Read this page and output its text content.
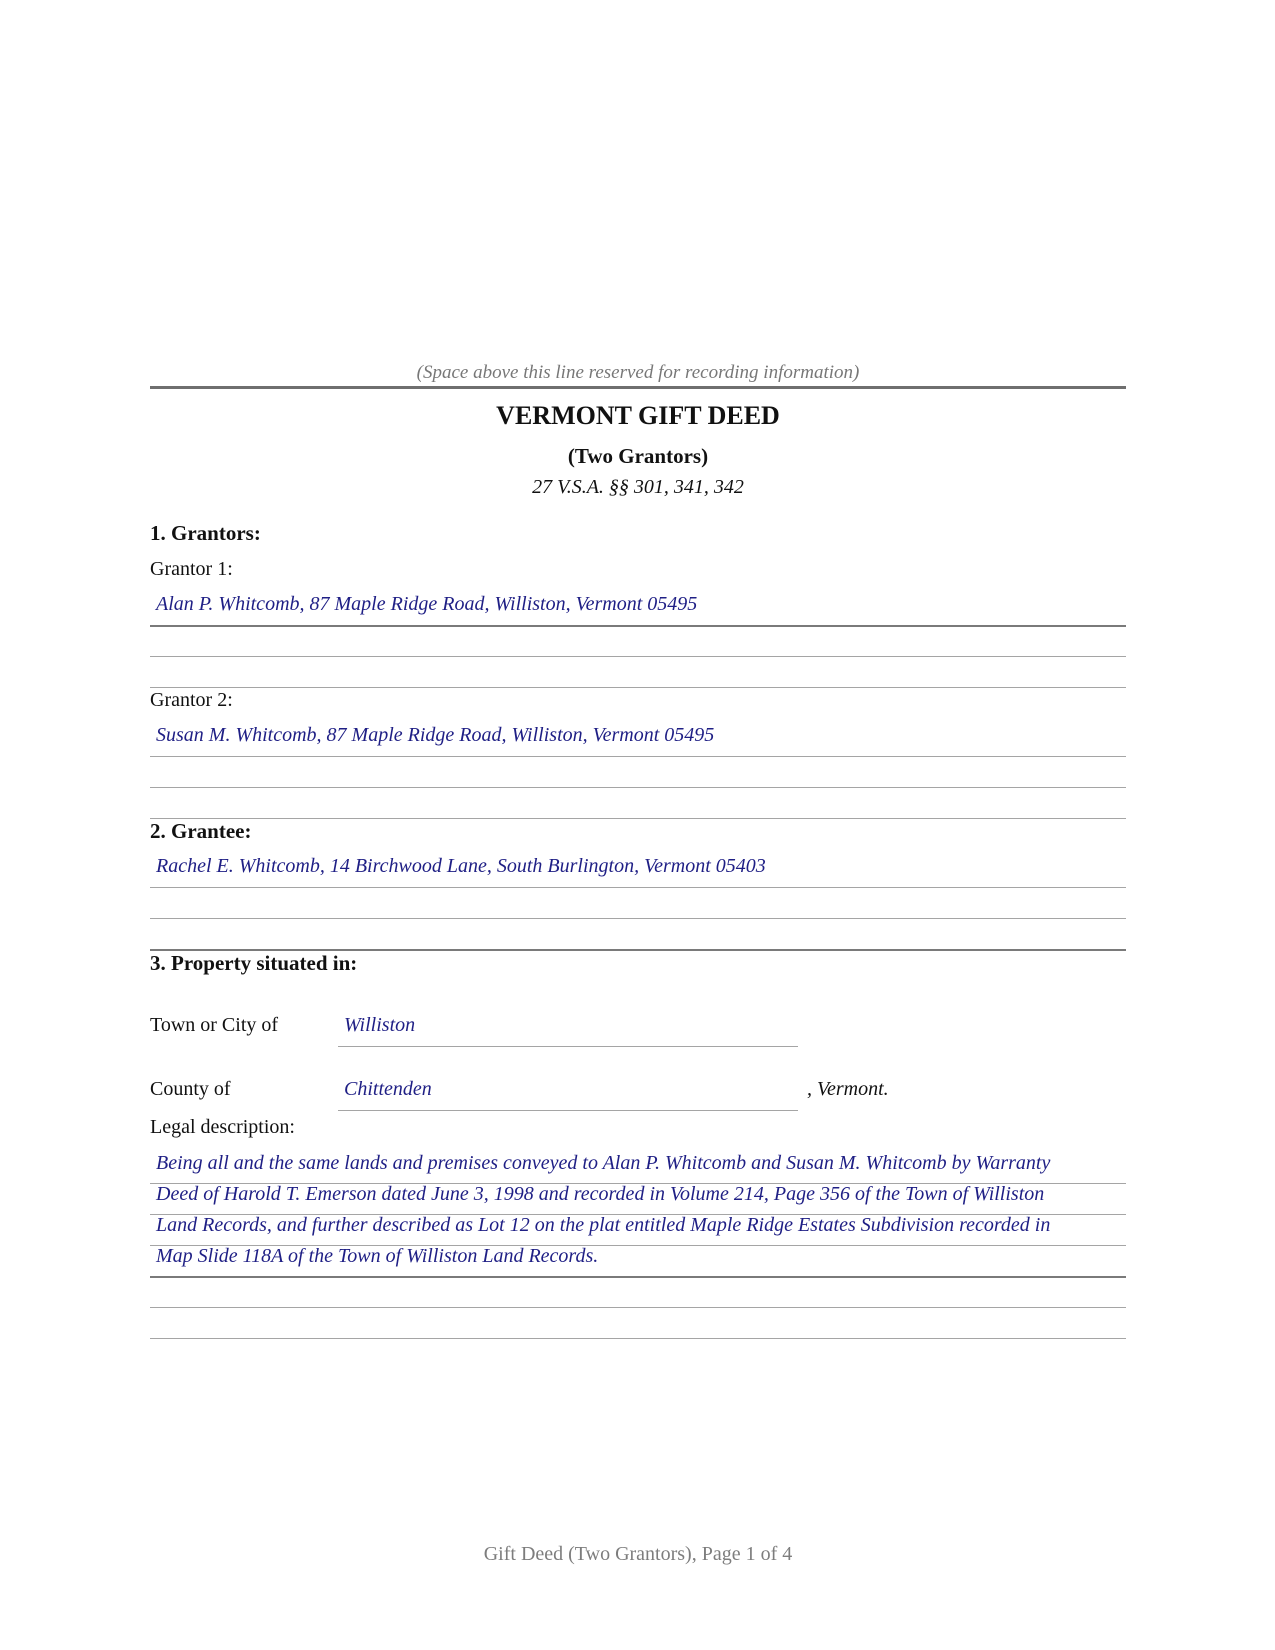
(Space above this line reserved for recording information)
VERMONT GIFT DEED
(Two Grantors)
27 V.S.A. §§ 301, 341, 342
1. Grantors:
Grantor 1:
Alan P. Whitcomb, 87 Maple Ridge Road, Williston, Vermont 05495
Grantor 2:
Susan M. Whitcomb, 87 Maple Ridge Road, Williston, Vermont 05495
2. Grantee:
Rachel E. Whitcomb, 14 Birchwood Lane, South Burlington, Vermont 05403
3. Property situated in:
Town or City of	Williston
County of	Chittenden	, Vermont.
Legal description:
Being all and the same lands and premises conveyed to Alan P. Whitcomb and Susan M. Whitcomb by Warranty
Deed of Harold T. Emerson dated June 3, 1998 and recorded in Volume 214, Page 356 of the Town of Williston
Land Records, and further described as Lot 12 on the plat entitled Maple Ridge Estates Subdivision recorded in
Map Slide 118A of the Town of Williston Land Records.
Gift Deed (Two Grantors), Page 1 of 4
